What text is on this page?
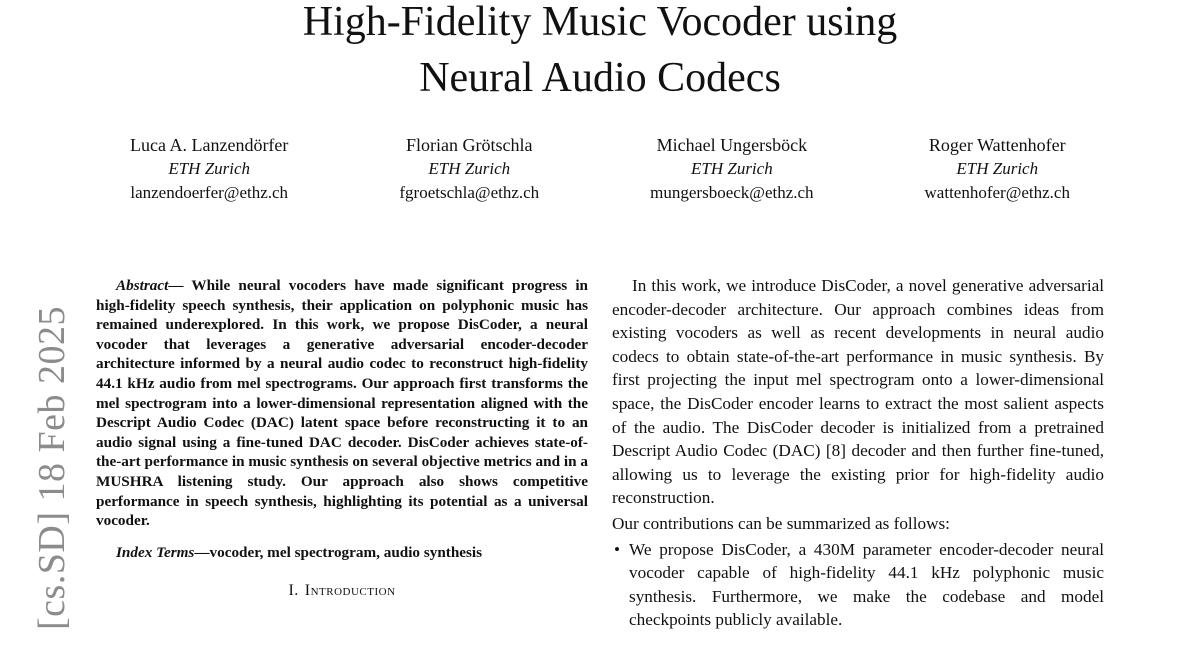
High-Fidelity Music Vocoder using
Neural Audio Codecs
Luca A. Lanzendörfer
ETH Zurich
lanzendoerfer@ethz.ch
Florian Grötschla
ETH Zurich
fgroetschla@ethz.ch
Michael Ungersböck
ETH Zurich
mungersboeck@ethz.ch
Roger Wattenhofer
ETH Zurich
wattenhofer@ethz.ch
[cs.SD] 18 Feb 2025

Abstract— While neural vocoders have made significant progress in high-fidelity speech synthesis, their application on polyphonic music has remained underexplored. In this work, we propose DisCoder, a neural vocoder that leverages a generative adversarial encoder-decoder architecture informed by a neural audio codec to reconstruct high-fidelity 44.1 kHz audio from mel spectrograms. Our approach first transforms the mel spectrogram into a lower-dimensional representation aligned with the Descript Audio Codec (DAC) latent space before reconstructing it to an audio signal using a fine-tuned DAC decoder. DisCoder achieves state-of-the-art performance in music synthesis on several objective metrics and in a MUSHRA listening study. Our approach also shows competitive performance in speech synthesis, highlighting its potential as a universal vocoder.

Index Terms—vocoder, mel spectrogram, audio synthesis

I. Introduction

In this work, we introduce DisCoder, a novel generative adversarial encoder-decoder architecture. Our approach combines ideas from existing vocoders as well as recent developments in neural audio codecs to obtain state-of-the-art performance in music synthesis. By first projecting the input mel spectrogram onto a lower-dimensional space, the DisCoder encoder learns to extract the most salient aspects of the audio. The DisCoder decoder is initialized from a pretrained Descript Audio Codec (DAC) [8] decoder and then further fine-tuned, allowing us to leverage the existing prior for high-fidelity audio reconstruction.

Our contributions can be summarized as follows:

• We propose DisCoder, a 430M parameter encoder-decoder neural vocoder capable of high-fidelity 44.1 kHz polyphonic music synthesis. Furthermore, we make the codebase and model checkpoints publicly available.
